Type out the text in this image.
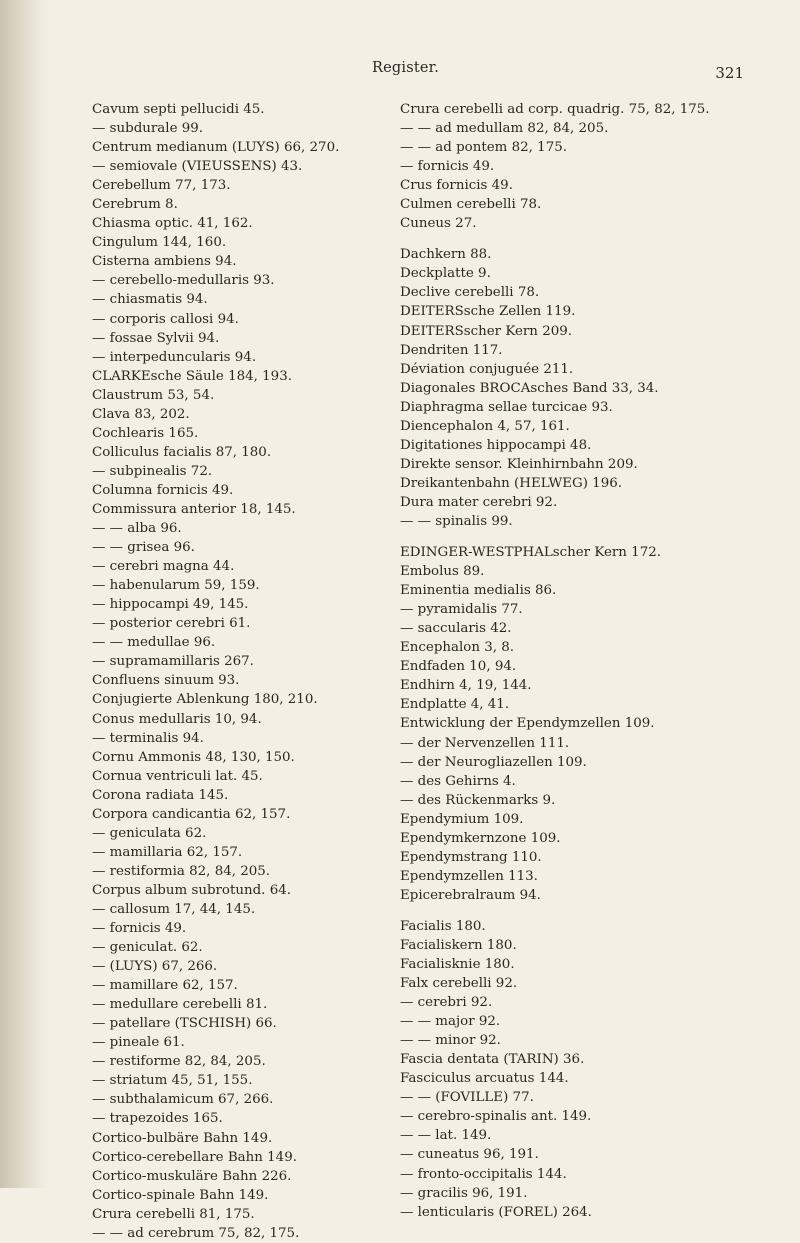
Register.	321
Cavum septi pellucidi 45.
— subdurale 99.
Centrum medianum (LUYS) 66, 270.
— semiovale (VIEUSSENS) 43.
Cerebellum 77, 173.
Cerebrum 8.
Chiasma optic. 41, 162.
Cingulum 144, 160.
Cisterna ambiens 94.
— cerebello-medullaris 93.
— chiasmatis 94.
— corporis callosi 94.
— fossae Sylvii 94.
— interpeduncularis 94.
CLARKEsche Säule 184, 193.
Claustrum 53, 54.
Clava 83, 202.
Cochlearis 165.
Colliculus facialis 87, 180.
— subpinealis 72.
Columna fornicis 49.
Commissura anterior 18, 145.
— — alba 96.
— — grisea 96.
— cerebri magna 44.
— habenularum 59, 159.
— hippocampi 49, 145.
— posterior cerebri 61.
— — medullae 96.
— supramamillaris 267.
Confluens sinuum 93.
Conjugierte Ablenkung 180, 210.
Conus medullaris 10, 94.
— terminalis 94.
Cornu Ammonis 48, 130, 150.
Cornua ventriculi lat. 45.
Corona radiata 145.
Corpora candicantia 62, 157.
— geniculata 62.
— mamillaria 62, 157.
— restiformia 82, 84, 205.
Corpus album subrotund. 64.
— callosum 17, 44, 145.
— fornicis 49.
— geniculat. 62.
— (LUYS) 67, 266.
— mamillare 62, 157.
— medullare cerebelli 81.
— patellare (TSCHISH) 66.
— pineale 61.
— restiforme 82, 84, 205.
— striatum 45, 51, 155.
— subthalamicum 67, 266.
— trapezoides 165.
Cortico-bulbäre Bahn 149.
Cortico-cerebellare Bahn 149.
Cortico-muskuläre Bahn 226.
Cortico-spinale Bahn 149.
Crura cerebelli 81, 175.
— — ad cerebrum 75, 82, 175.
Crura cerebelli ad corp. quadrig. 75, 82, 175.
— — ad medullam 82, 84, 205.
— — ad pontem 82, 175.
— fornicis 49.
Crus fornicis 49.
Culmen cerebelli 78.
Cuneus 27.
Dachkern 88.
Deckplatte 9.
Declive cerebelli 78.
DEITERSsche Zellen 119.
DEITERSscher Kern 209.
Dendriten 117.
Déviation conjuguée 211.
Diagonales BROCAsches Band 33, 34.
Diaphragma sellae turcicae 93.
Diencephalon 4, 57, 161.
Digitationes hippocampi 48.
Direkte sensor. Kleinhirnbahn 209.
Dreikantenbahn (HELWEG) 196.
Dura mater cerebri 92.
— — spinalis 99.
EDINGER-WESTPHALscher Kern 172.
Embolus 89.
Eminentia medialis 86.
— pyramidalis 77.
— saccularis 42.
Encephalon 3, 8.
Endfaden 10, 94.
Endhirn 4, 19, 144.
Endplatte 4, 41.
Entwicklung der Ependymzellen 109.
— der Nervenzellen 111.
— der Neurogliazellen 109.
— des Gehirns 4.
— des Rückenmarks 9.
Ependymium 109.
Ependymkernzone 109.
Ependymstrang 110.
Ependymzellen 113.
Epicerebralraum 94.
Facialis 180.
Facialiskern 180.
Facialisknie 180.
Falx cerebelli 92.
— cerebri 92.
— — major 92.
— — minor 92.
Fascia dentata (TARIN) 36.
Fasciculus arcuatus 144.
— — (FOVILLE) 77.
— cerebro-spinalis ant. 149.
— — lat. 149.
— cuneatus 96, 191.
— fronto-occipitalis 144.
— gracilis 96, 191.
— lenticularis (FOREL) 264.
